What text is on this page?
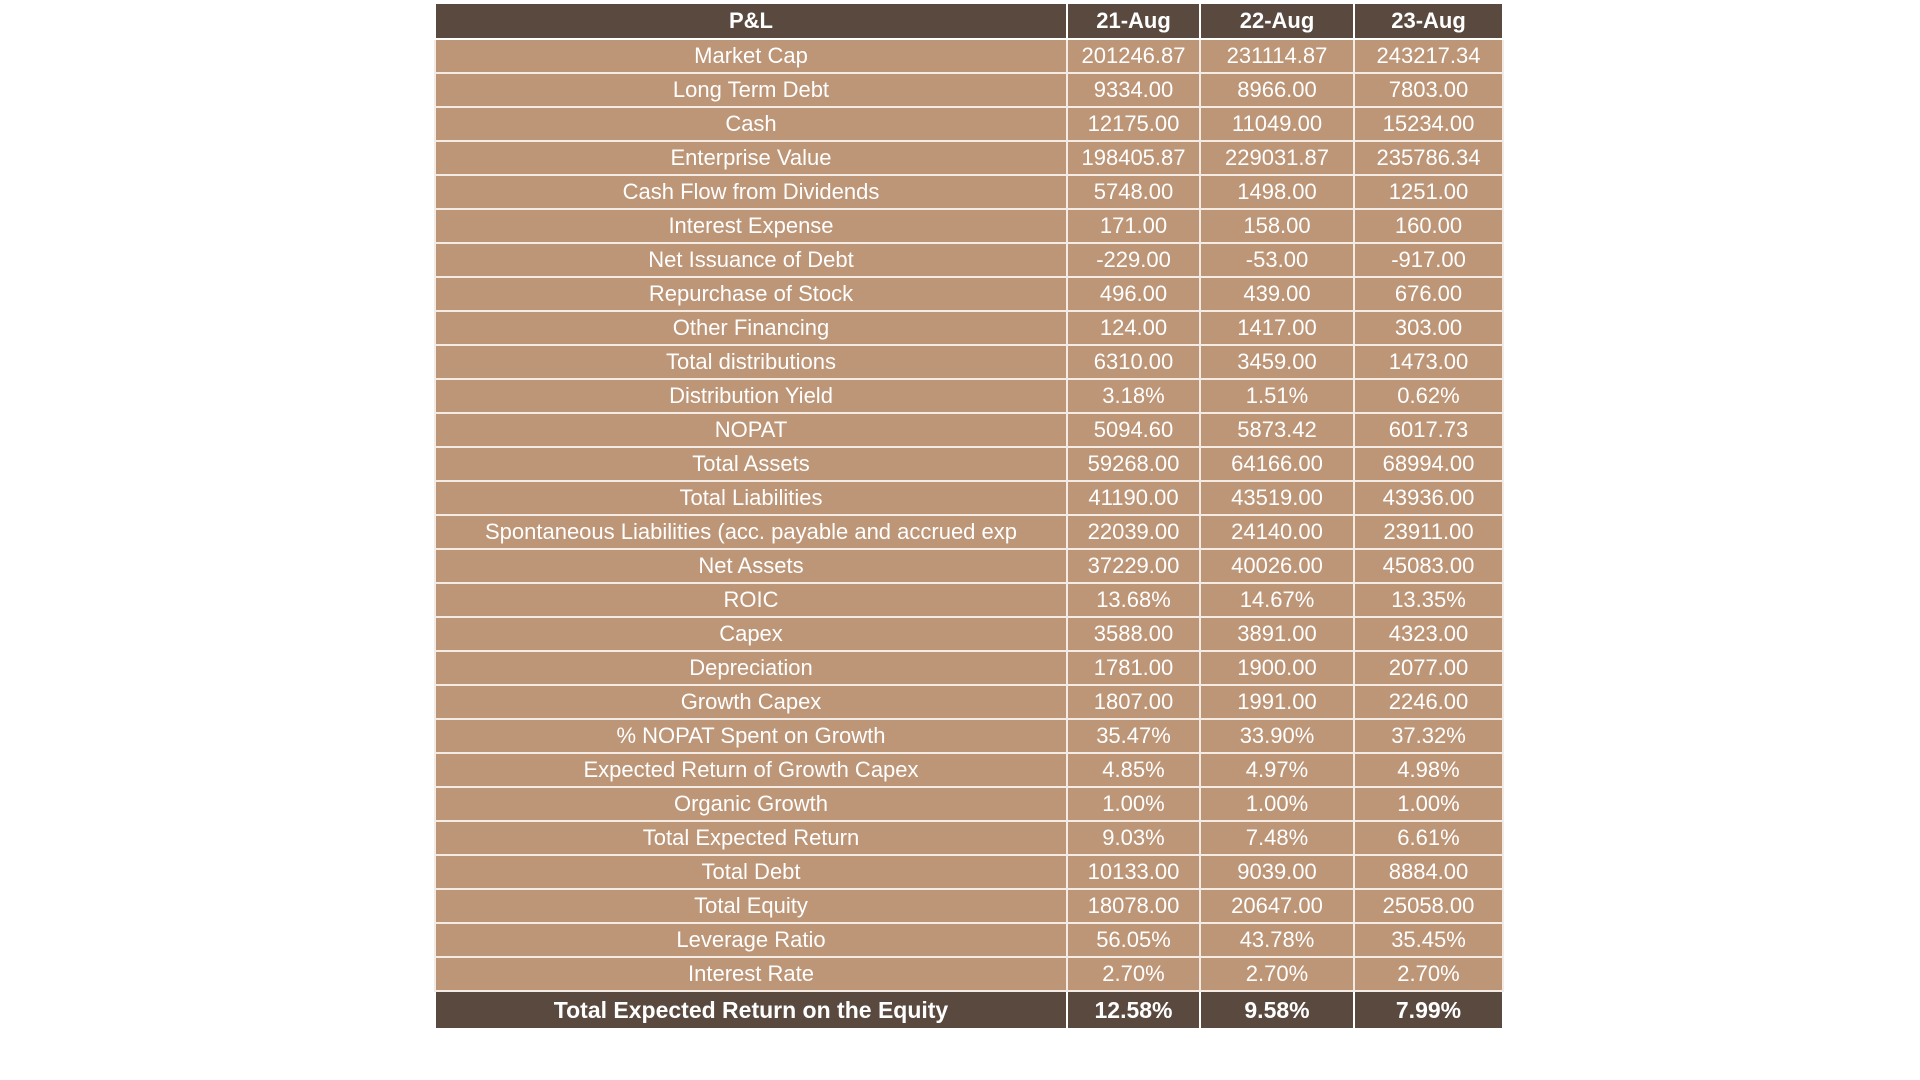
P&L	21-Aug	22-Aug	23-Aug
Market Cap	201246.87	231114.87	243217.34
Long Term Debt	9334.00	8966.00	7803.00
Cash	12175.00	11049.00	15234.00
Enterprise Value	198405.87	229031.87	235786.34
Cash Flow from Dividends	5748.00	1498.00	1251.00
Interest Expense	171.00	158.00	160.00
Net Issuance of Debt	-229.00	-53.00	-917.00
Repurchase of Stock	496.00	439.00	676.00
Other Financing	124.00	1417.00	303.00
Total distributions	6310.00	3459.00	1473.00
Distribution Yield	3.18%	1.51%	0.62%
NOPAT	5094.60	5873.42	6017.73
Total Assets	59268.00	64166.00	68994.00
Total Liabilities	41190.00	43519.00	43936.00
Spontaneous Liabilities (acc. payable and accrued exp	22039.00	24140.00	23911.00
Net Assets	37229.00	40026.00	45083.00
ROIC	13.68%	14.67%	13.35%
Capex	3588.00	3891.00	4323.00
Depreciation	1781.00	1900.00	2077.00
Growth Capex	1807.00	1991.00	2246.00
% NOPAT Spent on Growth	35.47%	33.90%	37.32%
Expected Return of Growth Capex	4.85%	4.97%	4.98%
Organic Growth	1.00%	1.00%	1.00%
Total Expected Return	9.03%	7.48%	6.61%
Total Debt	10133.00	9039.00	8884.00
Total Equity	18078.00	20647.00	25058.00
Leverage Ratio	56.05%	43.78%	35.45%
Interest Rate	2.70%	2.70%	2.70%
Total Expected Return on the Equity	12.58%	9.58%	7.99%
